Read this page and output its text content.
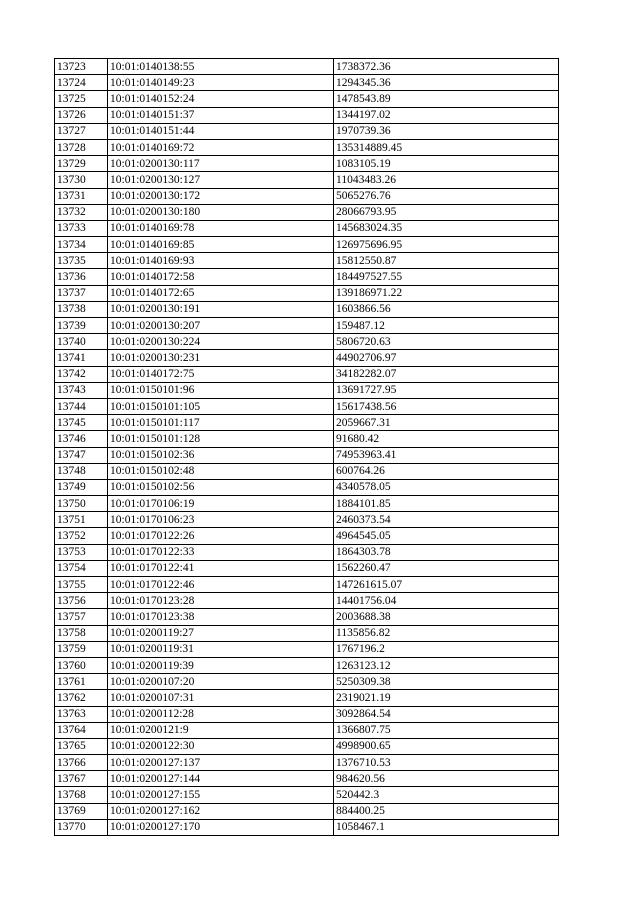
13723	10:01:0140138:55	1738372.36
13724	10:01:0140149:23	1294345.36
13725	10:01:0140152:24	1478543.89
13726	10:01:0140151:37	1344197.02
13727	10:01:0140151:44	1970739.36
13728	10:01:0140169:72	135314889.45
13729	10:01:0200130:117	1083105.19
13730	10:01:0200130:127	11043483.26
13731	10:01:0200130:172	5065276.76
13732	10:01:0200130:180	28066793.95
13733	10:01:0140169:78	145683024.35
13734	10:01:0140169:85	126975696.95
13735	10:01:0140169:93	15812550.87
13736	10:01:0140172:58	184497527.55
13737	10:01:0140172:65	139186971.22
13738	10:01:0200130:191	1603866.56
13739	10:01:0200130:207	159487.12
13740	10:01:0200130:224	5806720.63
13741	10:01:0200130:231	44902706.97
13742	10:01:0140172:75	34182282.07
13743	10:01:0150101:96	13691727.95
13744	10:01:0150101:105	15617438.56
13745	10:01:0150101:117	2059667.31
13746	10:01:0150101:128	91680.42
13747	10:01:0150102:36	74953963.41
13748	10:01:0150102:48	600764.26
13749	10:01:0150102:56	4340578.05
13750	10:01:0170106:19	1884101.85
13751	10:01:0170106:23	2460373.54
13752	10:01:0170122:26	4964545.05
13753	10:01:0170122:33	1864303.78
13754	10:01:0170122:41	1562260.47
13755	10:01:0170122:46	147261615.07
13756	10:01:0170123:28	14401756.04
13757	10:01:0170123:38	2003688.38
13758	10:01:0200119:27	1135856.82
13759	10:01:0200119:31	1767196.2
13760	10:01:0200119:39	1263123.12
13761	10:01:0200107:20	5250309.38
13762	10:01:0200107:31	2319021.19
13763	10:01:0200112:28	3092864.54
13764	10:01:0200121:9	1366807.75
13765	10:01:0200122:30	4998900.65
13766	10:01:0200127:137	1376710.53
13767	10:01:0200127:144	984620.56
13768	10:01:0200127:155	520442.3
13769	10:01:0200127:162	884400.25
13770	10:01:0200127:170	1058467.1
